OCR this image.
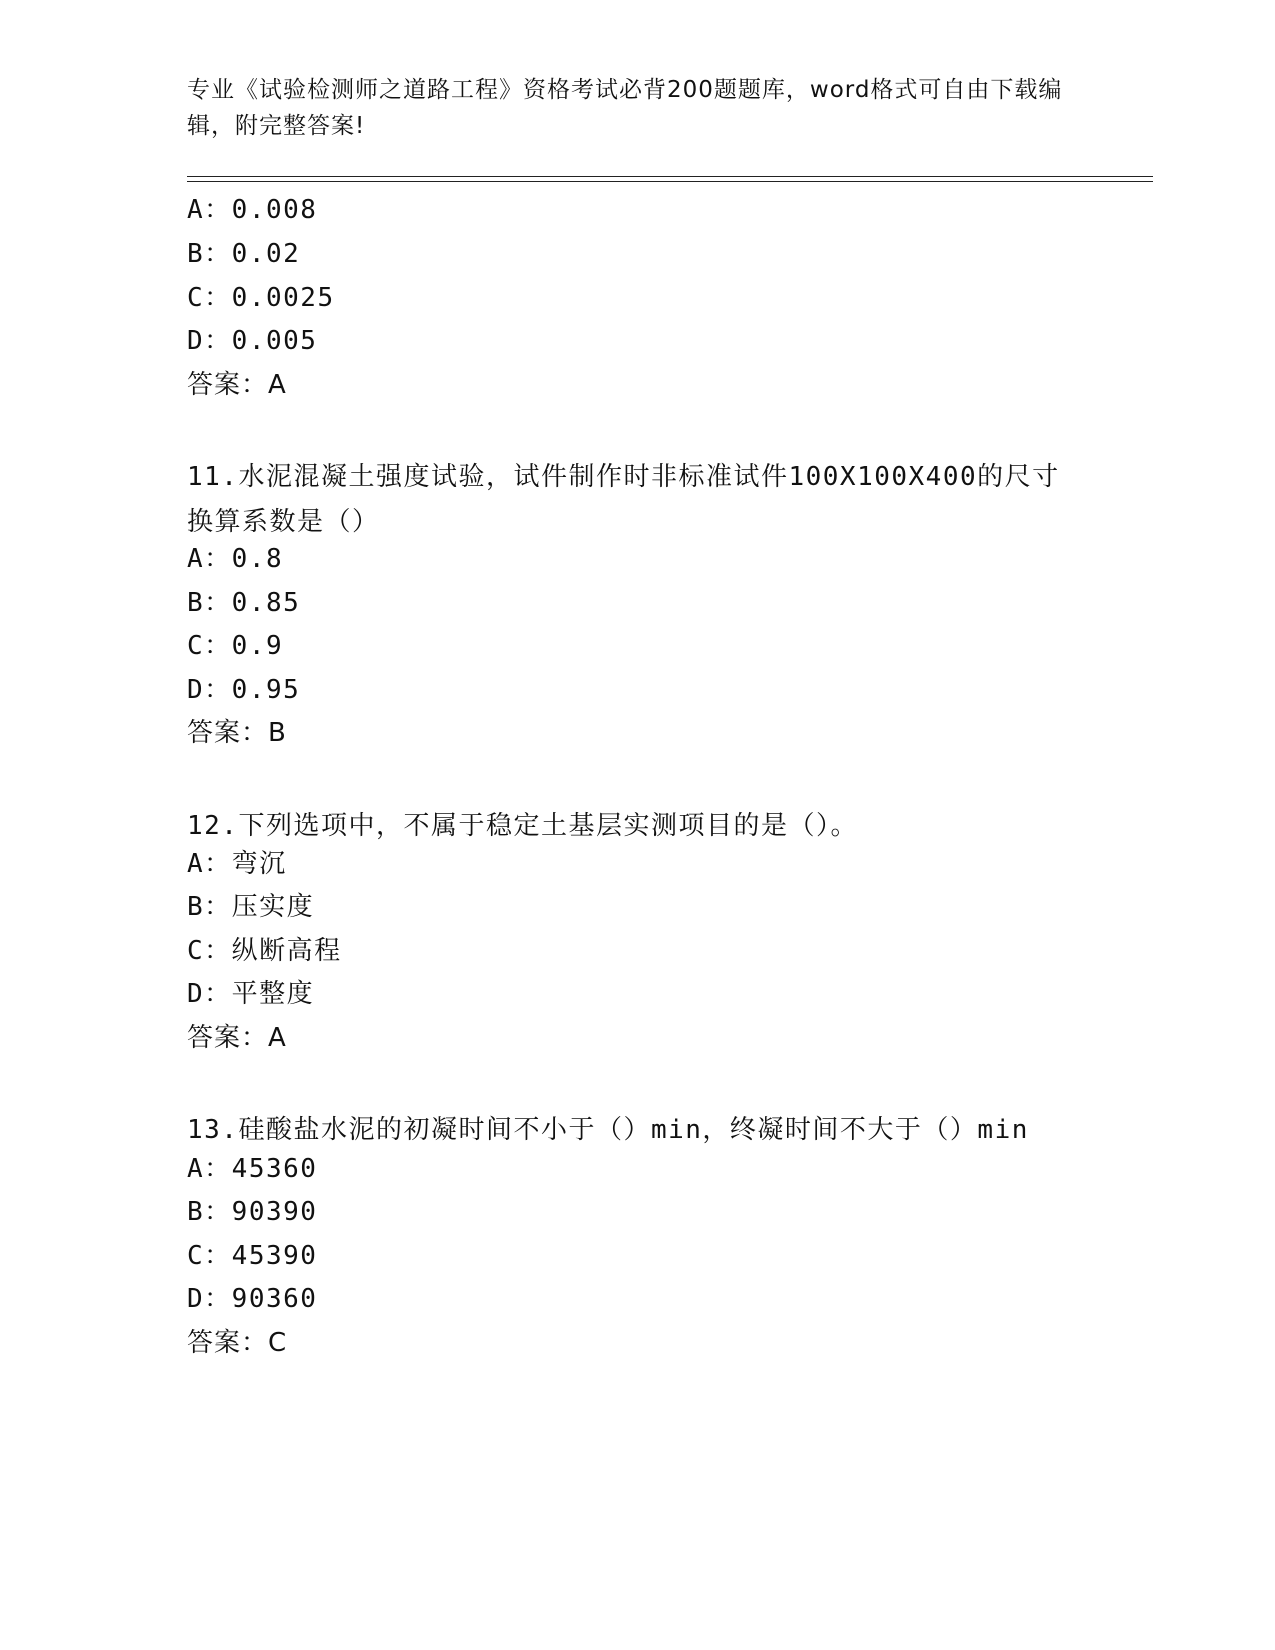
专业《试验检测师之道路工程》资格考试必背200题题库，word格式可自由下载编辑，附完整答案!
A：0.008
B：0.02
C：0.0025
D：0.005
答案：A
11.水泥混凝土强度试验，试件制作时非标准试件100X100X400的尺寸换算系数是（）
A：0.8
B：0.85
C：0.9
D：0.95
答案：B
12.下列选项中，不属于稳定土基层实测项目的是（）。
A：弯沉
B：压实度
C：纵断高程
D：平整度
答案：A
13.硅酸盐水泥的初凝时间不小于（）min，终凝时间不大于（）min
A：45360
B：90390
C：45390
D：90360
答案：C
